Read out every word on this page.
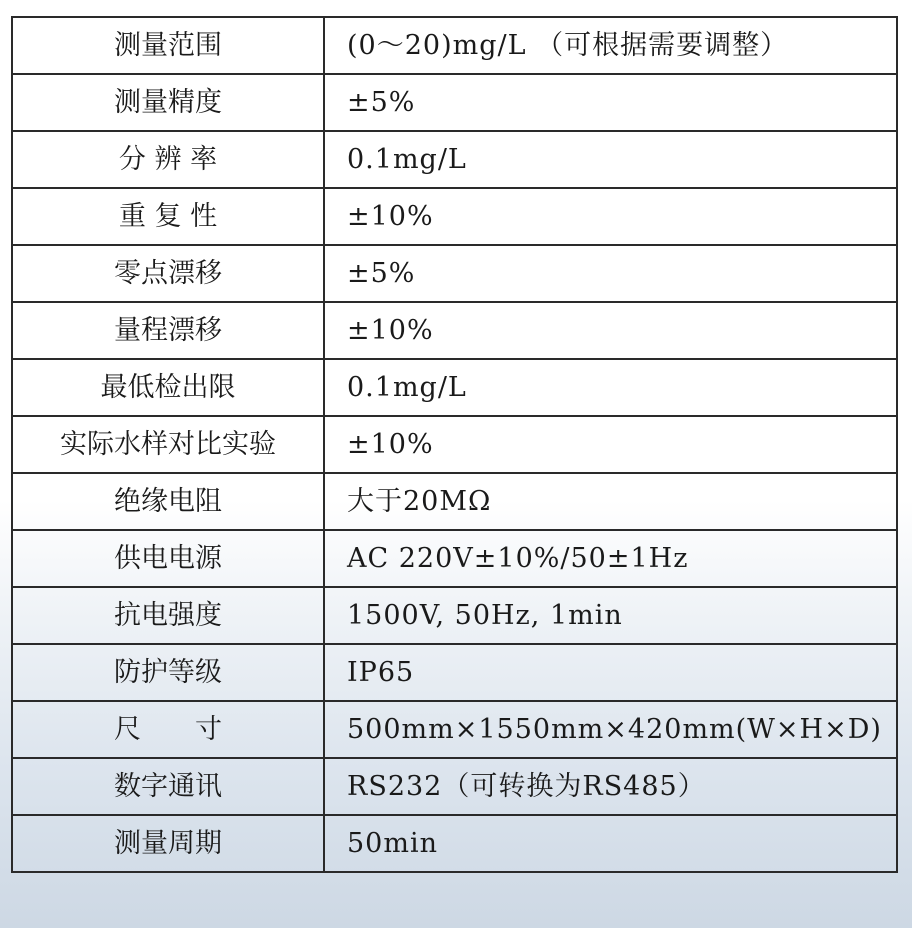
测量范围	(0～20)mg/L （可根据需要调整）
测量精度	±5%
分 辨 率	0.1mg/L
重 复 性	±10%
零点漂移	±5%
量程漂移	±10%
最低检出限	0.1mg/L
实际水样对比实验	±10%
绝缘电阻	大于20MΩ
供电电源	AC 220V±10%/50±1Hz
抗电强度	1500V, 50Hz, 1min
防护等级	IP65
尺　　寸	500mm×1550mm×420mm(W×H×D)
数字通讯	RS232（可转换为RS485）
测量周期	50min
